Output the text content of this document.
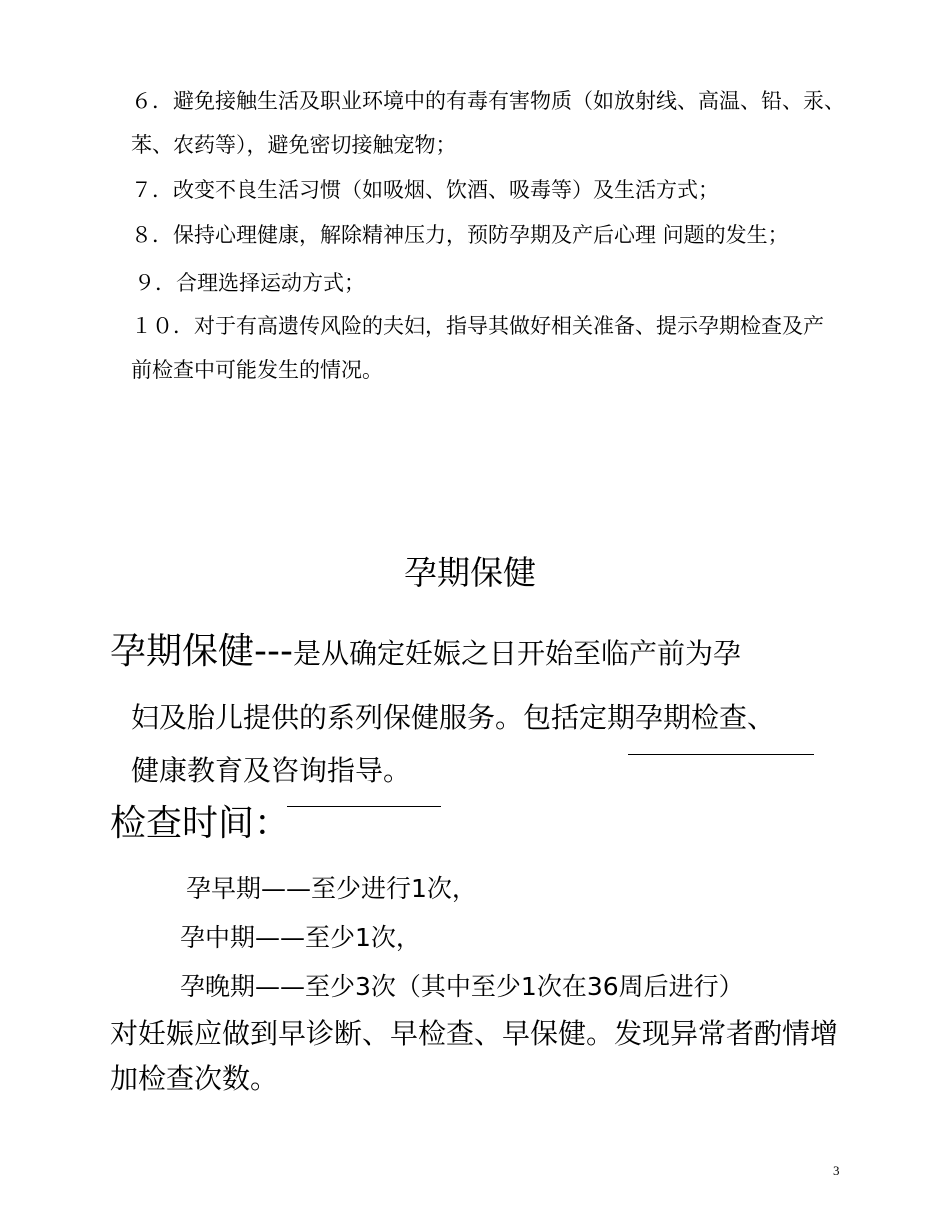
６．避免接触生活及职业环境中的有毒有害物质（如放射线、高温、铅、汞、
苯、农药等），避免密切接触宠物；
７．改变不良生活习惯（如吸烟、饮酒、吸毒等）及生活方式；
８．保持心理健康，解除精神压力，预防孕期及产后心理 问题的发生；
９．合理选择运动方式；
１０．对于有高遗传风险的夫妇，指导其做好相关准备、提示孕期检查及产
前检查中可能发生的情况。
孕期保健
孕期保健---是从确定妊娠之日开始至临产前为孕
妇及胎儿提供的系列保健服务。包括定期孕期检查、
健康教育及咨询指导。
检查时间：
孕早期——至少进行1次，
孕中期——至少1次，
孕晚期——至少3次（其中至少1次在36周后进行）
对妊娠应做到早诊断、早检查、早保健。发现异常者酌情增
加检查次数。
3
